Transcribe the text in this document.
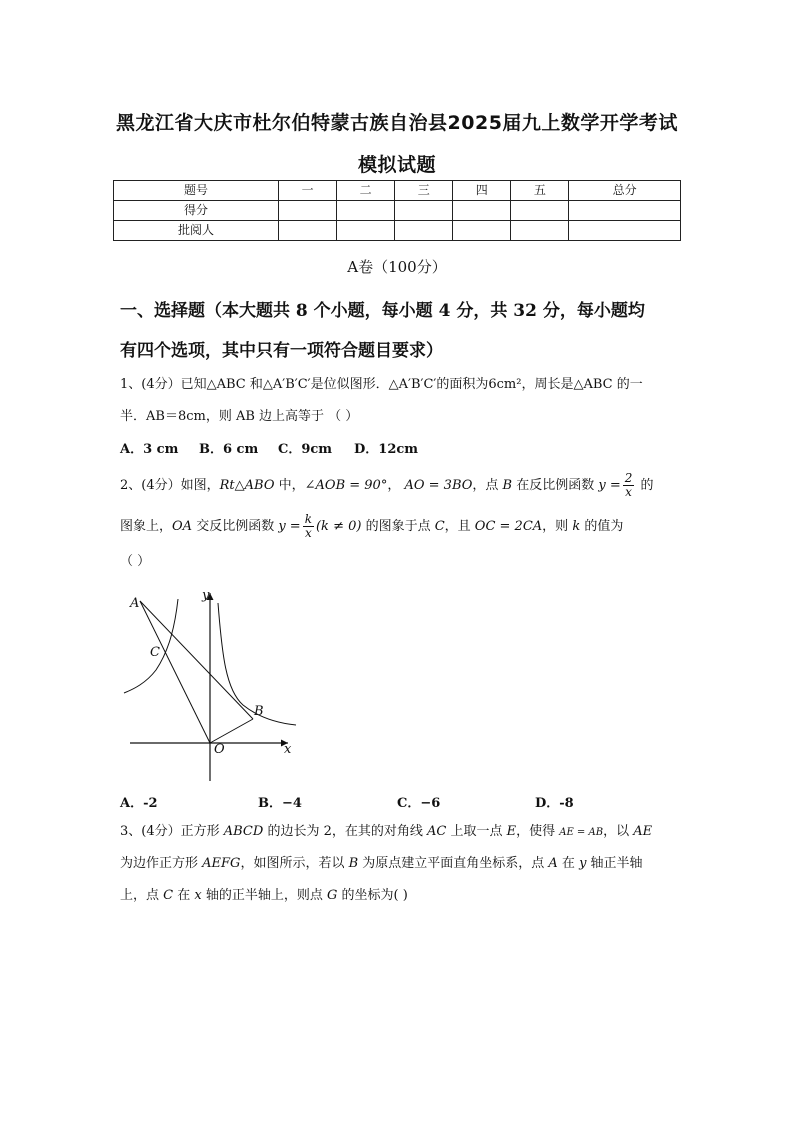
黑龙江省大庆市杜尔伯特蒙古族自治县2025届九上数学开学考试
模拟试题
题号	一	二	三	四	五	总分
得分						
批阅人						
A卷（100分）
一、选择题（本大题共 8 个小题，每小题 4 分，共 32 分，每小题均
有四个选项，其中只有一项符合题目要求）
1、(4分）已知△ABC 和△A′B′C′是位似图形．△A′B′C′的面积为6cm²，周长是△ABC 的一
半．AB＝8cm，则 AB 边上高等于 （ ）
A．3 cm B．6 cm C．9cm D．12cm
2、(4分）如图，Rt△ABO 中，∠AOB = 90°， AO = 3BO，点 B 在反比例函数 $y = \frac{2}{x}$ 的
图象上，OA 交反比例函数 $y = \frac{k}{x} (k \ne 0)$ 的图象于点 C，且 OC = 2CA，则 k 的值为
（ ）
A
C
B
O	x
y
A．-2	B．−4	C．−6	D．-8
3、(4分）正方形 ABCD 的边长为 2，在其的对角线 AC 上取一点 E，使得 AE = AB，以 AE
为边作正方形 AEFG，如图所示，若以 B 为原点建立平面直角坐标系，点 A 在 y 轴正半轴
上，点 C 在 x 轴的正半轴上，则点 G 的坐标为( )
